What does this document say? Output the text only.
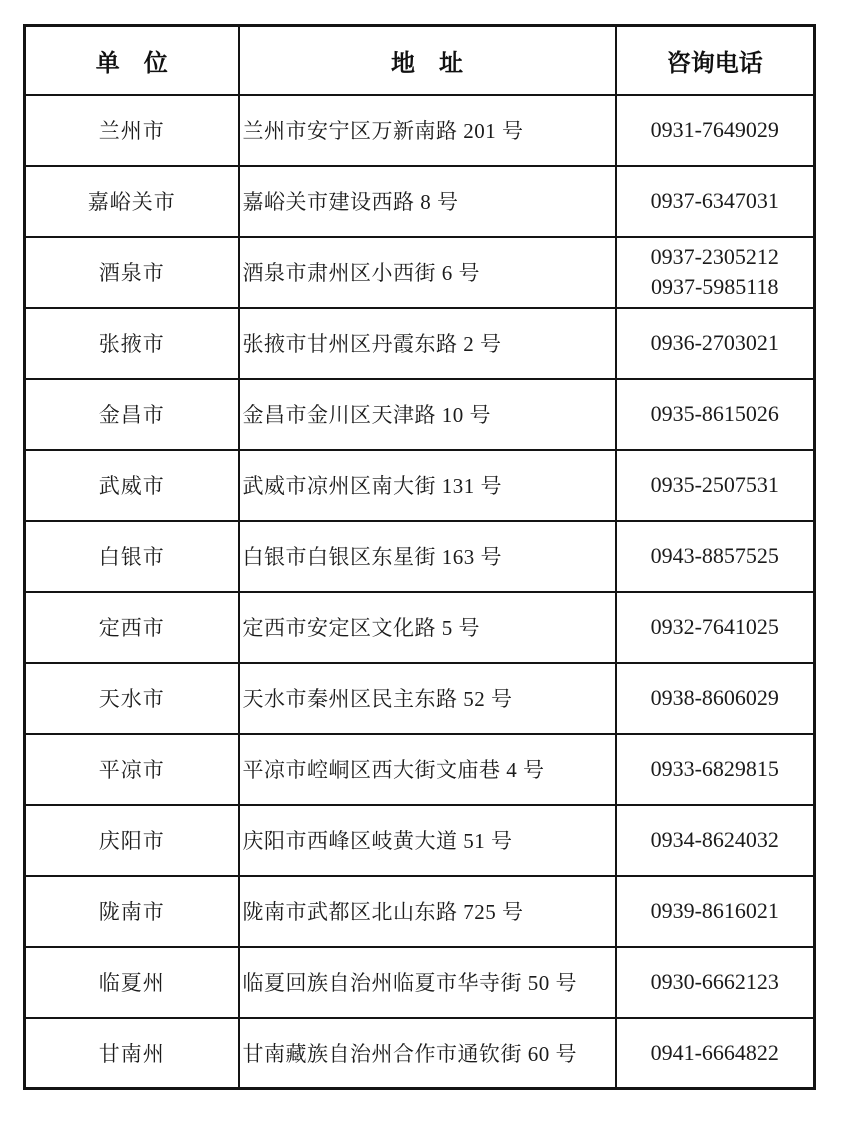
单　位	地　址	咨询电话
兰州市	兰州市安宁区万新南路 201 号	0931-7649029

嘉峪关市	嘉峪关市建设西路 8 号	0937-6347031

酒泉市	酒泉市肃州区小西街 6 号	0937-2305212
0937-5985118

张掖市	张掖市甘州区丹霞东路 2 号	0936-2703021

金昌市	金昌市金川区天津路 10 号	0935-8615026

武威市	武威市凉州区南大街 131 号	0935-2507531

白银市	白银市白银区东星街 163 号	0943-8857525

定西市	定西市安定区文化路 5 号	0932-7641025

天水市	天水市秦州区民主东路 52 号	0938-8606029

平凉市	平凉市崆峒区西大街文庙巷 4 号	0933-6829815

庆阳市	庆阳市西峰区岐黄大道 51 号	0934-8624032

陇南市	陇南市武都区北山东路 725 号	0939-8616021

临夏州	临夏回族自治州临夏市华寺街 50 号	0930-6662123

甘南州	甘南藏族自治州合作市通钦街 60 号	0941-6664822
